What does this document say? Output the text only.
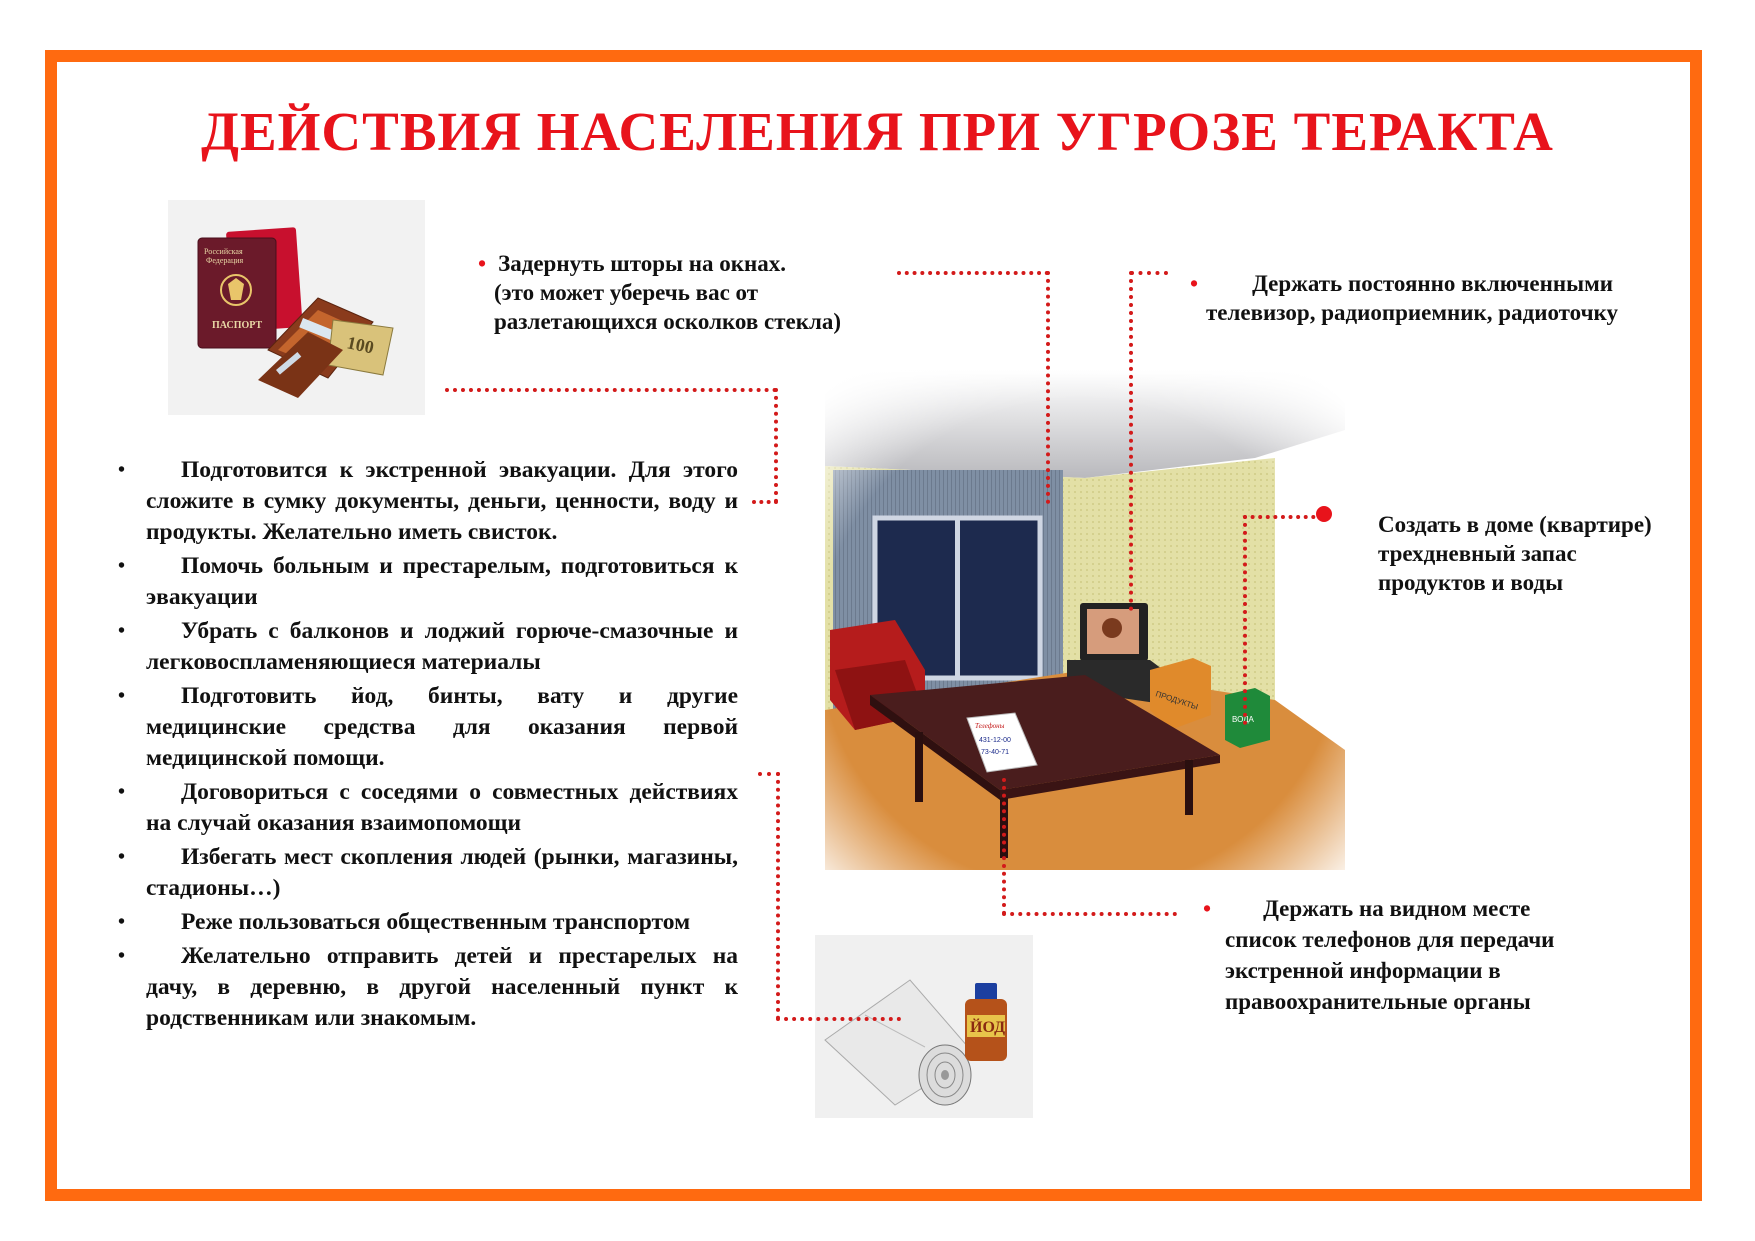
ДЕЙСТВИЯ НАСЕЛЕНИЯ ПРИ УГРОЗЕ ТЕРАКТА
Российская
Федерация
ПАСПОРТ
100
ЙОД
• Задернуть шторы на окнах.
(это может уберечь вас от
разлетающихся осколков стекла)
• Держать постоянно включенными
телевизор, радиоприемник, радиоточку
Создать в доме (квартире)
трехдневный запас
продуктов и воды
• Держать на видном месте
список телефонов для передачи
экстренной информации в
правоохранительные органы
• Подготовится к экстренной эвакуации. Для этого сложите в сумку документы, деньги, ценности, воду и продукты. Желательно иметь свисток.
• Помочь больным и престарелым, подготовиться к эвакуации
• Убрать с балконов и лоджий горюче-смазочные и легковоспламеняющиеся материалы
• Подготовить йод, бинты, вату и другие медицинские средства для оказания первой медицинской помощи.
• Договориться с соседями о совместных действиях на случай оказания взаимопомощи
• Избегать мест скопления людей (рынки, магазины, стадионы…)
• Реже пользоваться общественным транспортом
• Желательно отправить детей и престарелых на дачу, в деревню, в другой населенный пункт к родственникам или знакомым.
